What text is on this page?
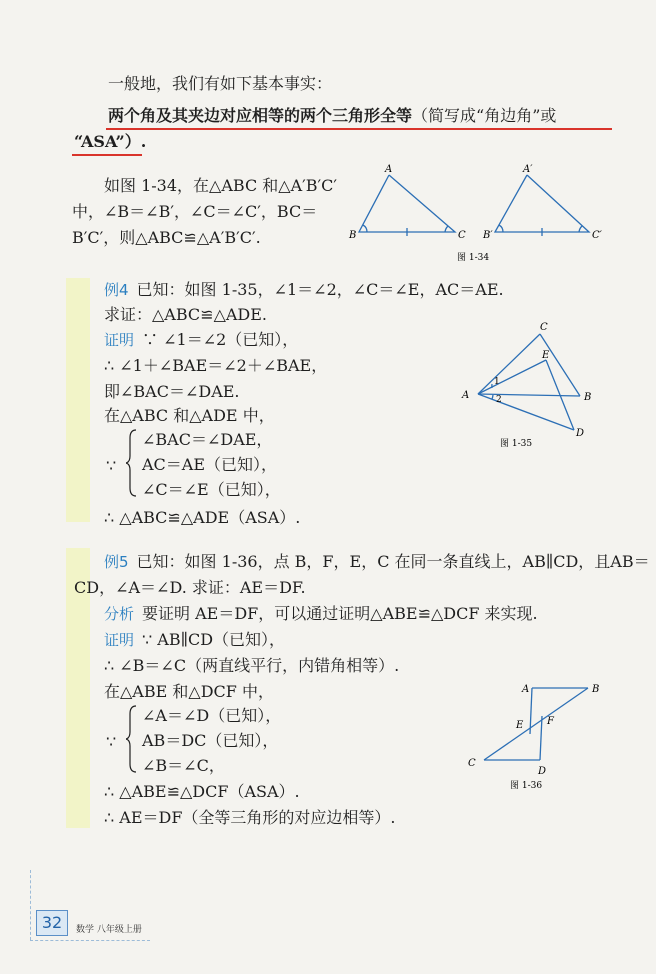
一般地，我们有如下基本事实：
两个角及其夹边对应相等的两个三角形全等（简写成“角边角”或
“ASA”）.
如图 1-34，在△ABC 和△A′B′C′
中，∠B＝∠B′，∠C＝∠C′，BC＝
B′C′，则△ABC≌△A′B′C′.
A
B	C
A′
B′	C′
图 1-34
例4 已知：如图 1-35，∠1＝∠2，∠C＝∠E，AC＝AE.
求证：△ABC≌△ADE.
证明 ∵ ∠1＝∠2（已知），
∴ ∠1＋∠BAE＝∠2＋∠BAE，
即∠BAC＝∠DAE.
在△ABC 和△ADE 中，
∵
∠BAC＝∠DAE，
AC＝AE（已知），
∠C＝∠E（已知），
∴ △ABC≌△ADE（ASA）.
C
E
A	B
D
1
2
图 1-35
例5 已知：如图 1-36，点 B，F，E，C 在同一条直线上，AB∥CD，且AB＝
CD，∠A＝∠D. 求证：AE＝DF.
分析 要证明 AE＝DF，可以通过证明△ABE≌△DCF 来实现.
证明 ∵ AB∥CD（已知），
∴ ∠B＝∠C（两直线平行，内错角相等）.
在△ABE 和△DCF 中，
∵
∠A＝∠D（已知），
AB＝DC（已知），
∠B＝∠C，
∴ △ABE≌△DCF（ASA）.
∴ AE＝DF（全等三角形的对应边相等）.
A	B
E F
C
D
图 1-36
32	数学 八年级上册
